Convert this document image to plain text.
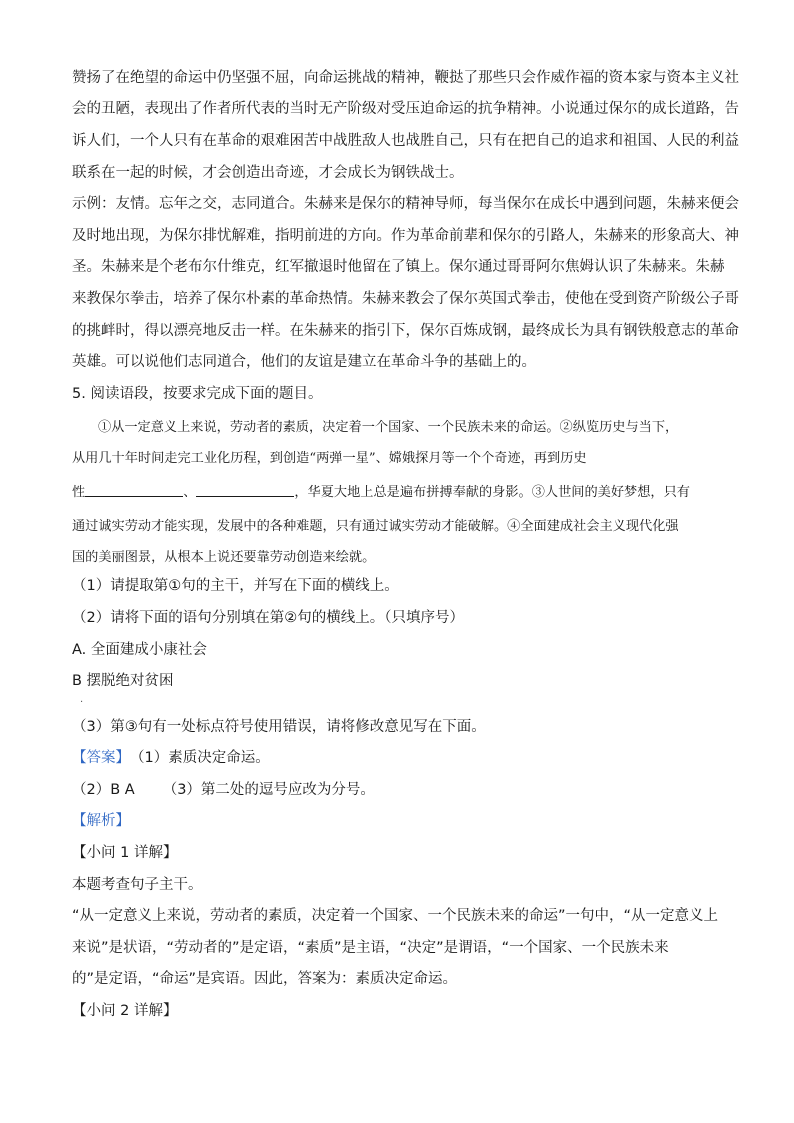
赞扬了在绝望的命运中仍坚强不屈，向命运挑战的精神，鞭挞了那些只会作威作福的资本家与资本主义社
会的丑陋，表现出了作者所代表的当时无产阶级对受压迫命运的抗争精神。小说通过保尔的成长道路，告
诉人们，一个人只有在革命的艰难困苦中战胜敌人也战胜自己，只有在把自己的追求和祖国、人民的利益
联系在一起的时候，才会创造出奇迹，才会成长为钢铁战士。
示例：友情。忘年之交，志同道合。朱赫来是保尔的精神导师，每当保尔在成长中遇到问题，朱赫来便会
及时地出现，为保尔排忧解难，指明前进的方向。作为革命前辈和保尔的引路人，朱赫来的形象高大、神
圣。朱赫来是个老布尔什维克，红军撤退时他留在了镇上。保尔通过哥哥阿尔焦姆认识了朱赫来。朱赫
来教保尔拳击，培养了保尔朴素的革命热情。朱赫来教会了保尔英国式拳击，使他在受到资产阶级公子哥
的挑衅时，得以漂亮地反击一样。在朱赫来的指引下，保尔百炼成钢，最终成长为具有钢铁般意志的革命
英雄。可以说他们志同道合，他们的友谊是建立在革命斗争的基础上的。
5. 阅读语段，按要求完成下面的题目。
①从一定意义上来说，劳动者的素质，决定着一个国家、一个民族未来的命运。②纵览历史与当下，
从用几十年时间走完工业化历程，到创造“两弹一星”、嫦娥探月等一个个奇迹，再到历史
性	、	，华夏大地上总是遍布拼搏奉献的身影。③人世间的美好梦想，只有
通过诚实劳动才能实现，发展中的各种难题，只有通过诚实劳动才能破解。④全面建成社会主义现代化强
国的美丽图景，从根本上说还要靠劳动创造来绘就。
（1）请提取第①句的主干，并写在下面的横线上。
（2）请将下面的语句分别填在第②句的横线上。（只填序号）
A. 全面建成小康社会
B 摆脱绝对贫困
·
（3）第③句有一处标点符号使用错误，请将修改意见写在下面。
【答案】 （1）素质决定命运。
（2）B A （3）第二处的逗号应改为分号。
【解析】
【小问 1 详解】
本题考查句子主干。
“从一定意义上来说，劳动者的素质，决定着一个国家、一个民族未来的命运”一句中，“从一定意义上
来说”是状语，“劳动者的”是定语，“素质”是主语，“决定”是谓语，“一个国家、一个民族未来
的”是定语，“命运”是宾语。因此，答案为：素质决定命运。
【小问 2 详解】
